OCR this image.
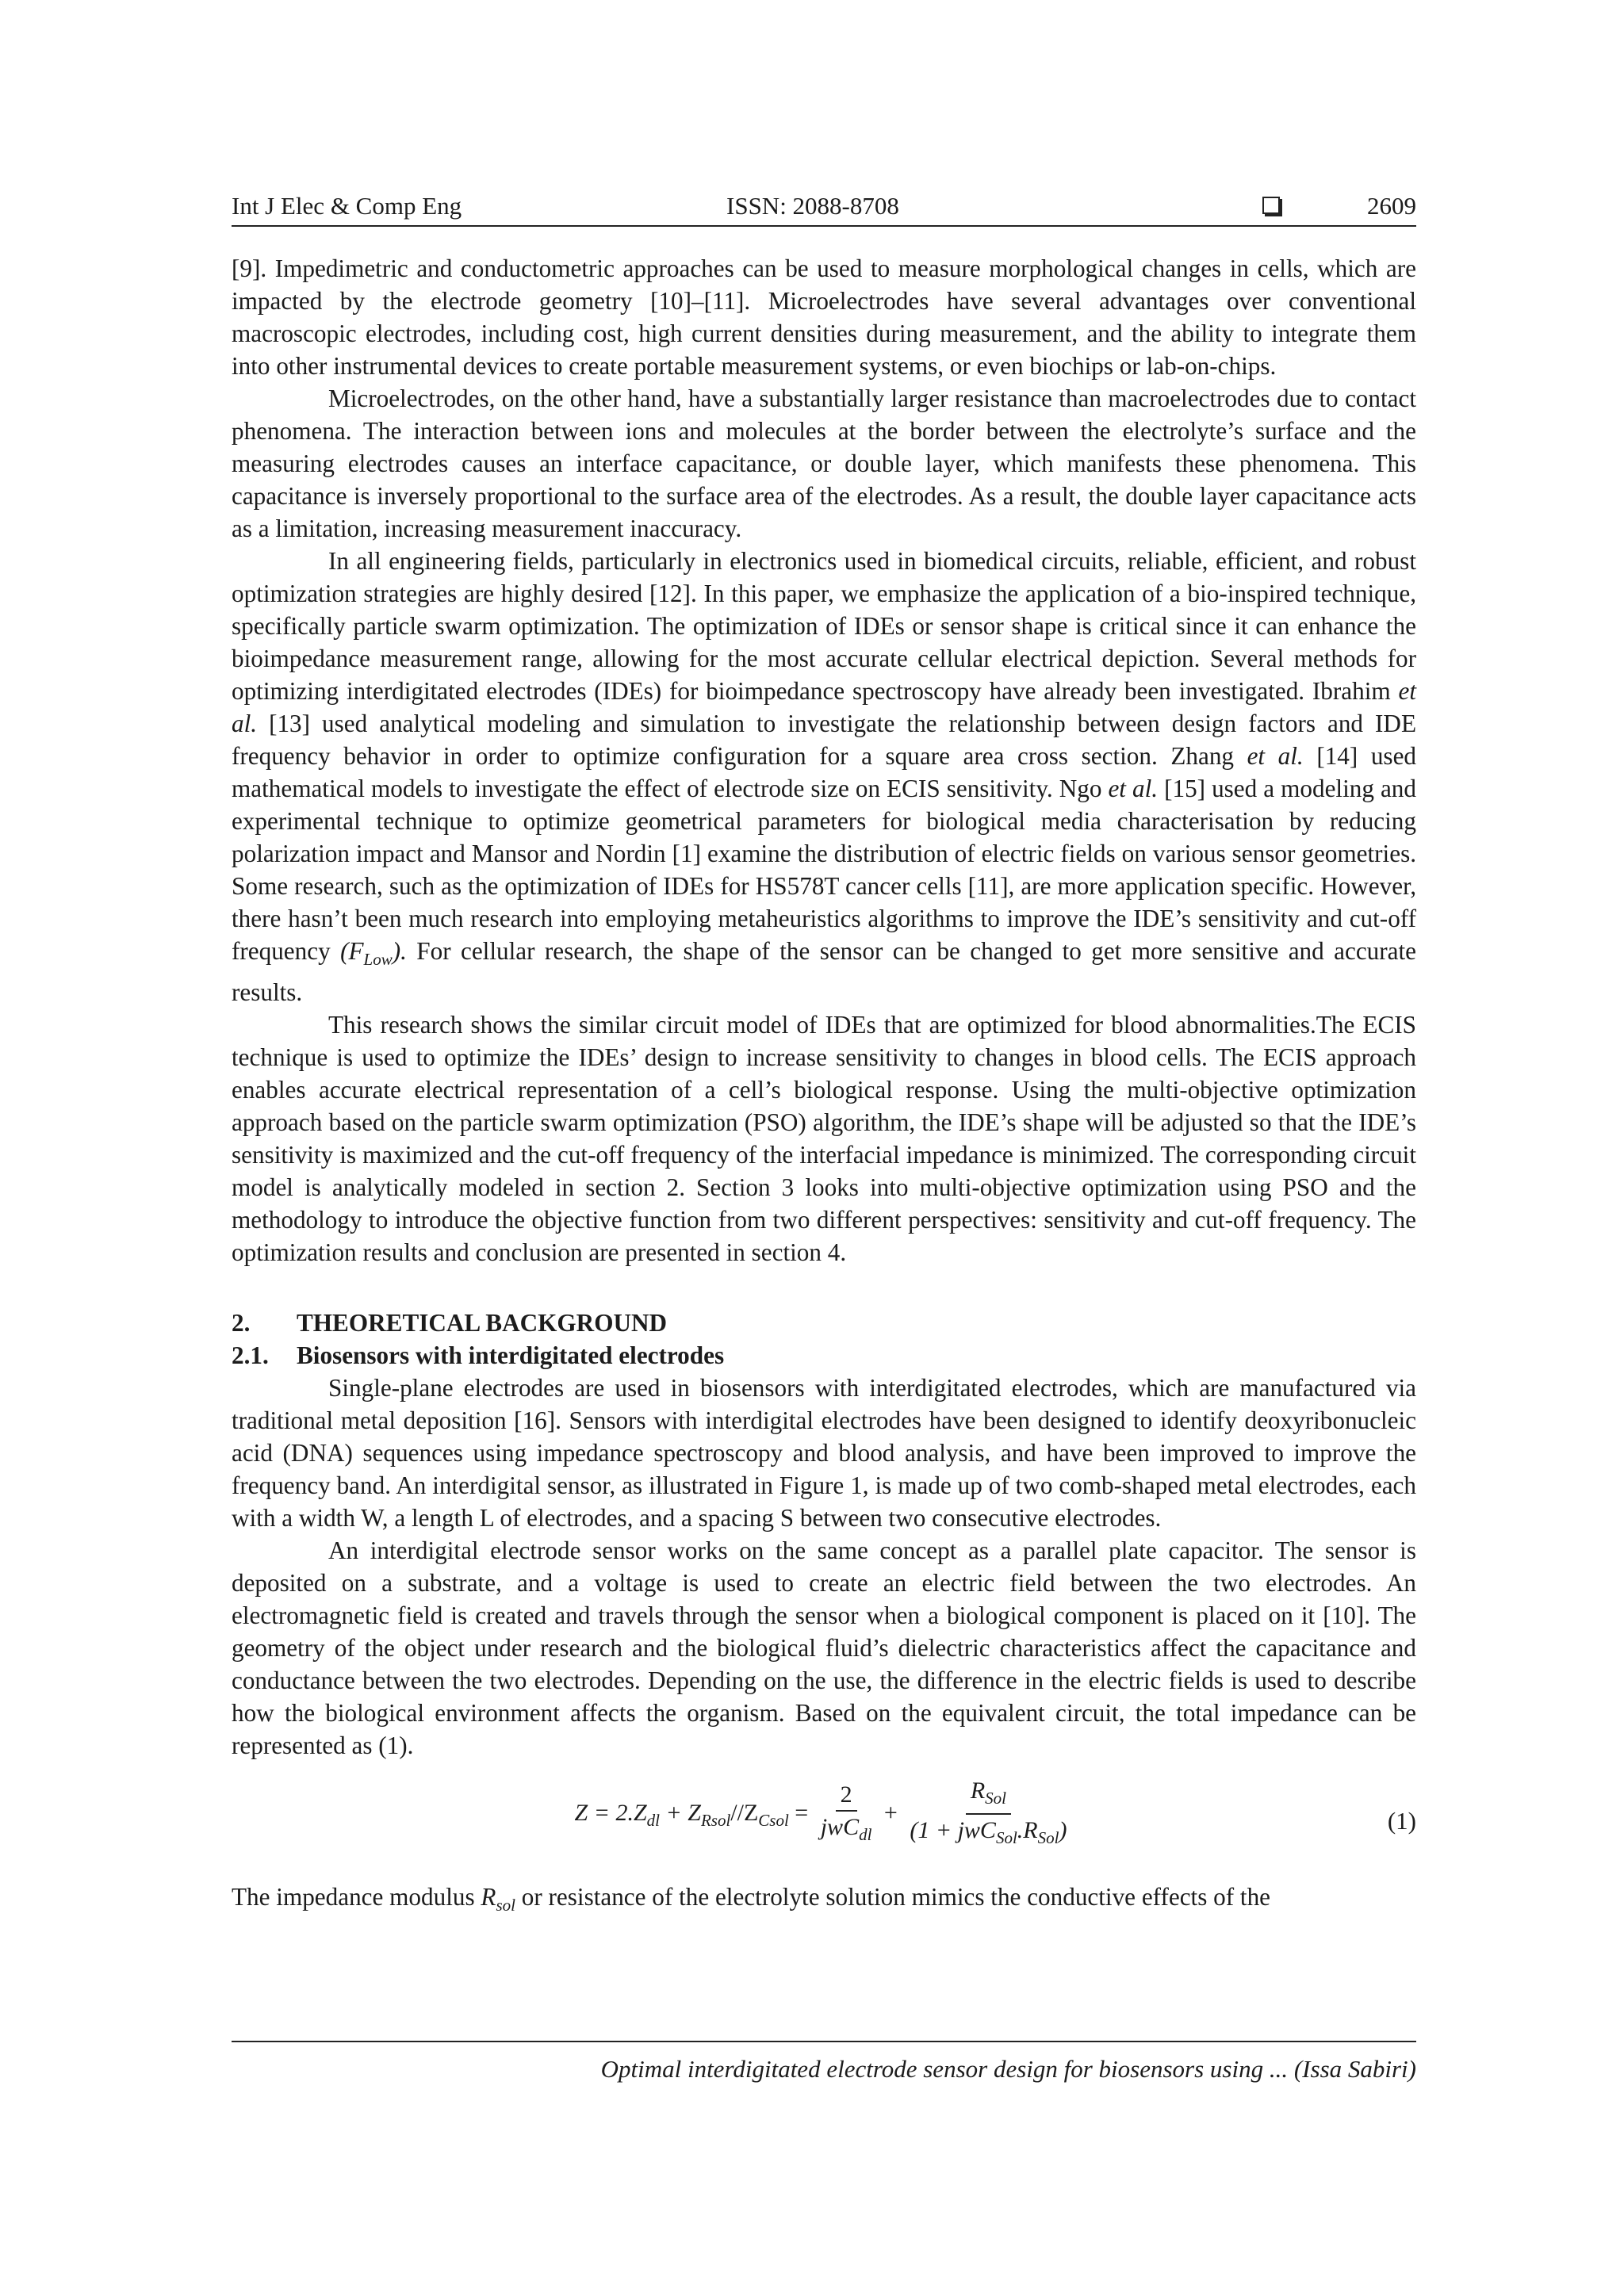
Int J Elec & Comp Eng	ISSN: 2088-8708	2609

[9]. Impedimetric and conductometric approaches can be used to measure morphological changes in cells, which are impacted by the electrode geometry [10]–[11]. Microelectrodes have several advantages over conventional macroscopic electrodes, including cost, high current densities during measurement, and the ability to integrate them into other instrumental devices to create portable measurement systems, or even biochips or lab-on-chips.

Microelectrodes, on the other hand, have a substantially larger resistance than macroelectrodes due to contact phenomena. The interaction between ions and molecules at the border between the electrolyte’s surface and the measuring electrodes causes an interface capacitance, or double layer, which manifests these phenomena. This capacitance is inversely proportional to the surface area of the electrodes. As a result, the double layer capacitance acts as a limitation, increasing measurement inaccuracy.

In all engineering fields, particularly in electronics used in biomedical circuits, reliable, efficient, and robust optimization strategies are highly desired [12]. In this paper, we emphasize the application of a bio-inspired technique, specifically particle swarm optimization. The optimization of IDEs or sensor shape is critical since it can enhance the bioimpedance measurement range, allowing for the most accurate cellular electrical depiction. Several methods for optimizing interdigitated electrodes (IDEs) for bioimpedance spectroscopy have already been investigated. Ibrahim et al. [13] used analytical modeling and simulation to investigate the relationship between design factors and IDE frequency behavior in order to optimize configuration for a square area cross section. Zhang et al. [14] used mathematical models to investigate the effect of electrode size on ECIS sensitivity. Ngo et al. [15] used a modeling and experimental technique to optimize geometrical parameters for biological media characterisation by reducing polarization impact and Mansor and Nordin [1] examine the distribution of electric fields on various sensor geometries. Some research, such as the optimization of IDEs for HS578T cancer cells [11], are more application specific. However, there hasn’t been much research into employing metaheuristics algorithms to improve the IDE’s sensitivity and cut-off frequency $(F_{Low})$. For cellular research, the shape of the sensor can be changed to get more sensitive and accurate results.

This research shows the similar circuit model of IDEs that are optimized for blood abnormalities.The ECIS technique is used to optimize the IDEs’ design to increase sensitivity to changes in blood cells. The ECIS approach enables accurate electrical representation of a cell’s biological response. Using the multi-objective optimization approach based on the particle swarm optimization (PSO) algorithm, the IDE’s shape will be adjusted so that the IDE’s sensitivity is maximized and the cut-off frequency of the interfacial impedance is minimized. The corresponding circuit model is analytically modeled in section 2. Section 3 looks into multi-objective optimization using PSO and the methodology to introduce the objective function from two different perspectives: sensitivity and cut-off frequency. The optimization results and conclusion are presented in section 4.

2. THEORETICAL BACKGROUND

2.1. Biosensors with interdigitated electrodes

Single-plane electrodes are used in biosensors with interdigitated electrodes, which are manufactured via traditional metal deposition [16]. Sensors with interdigital electrodes have been designed to identify deoxyribonucleic acid (DNA) sequences using impedance spectroscopy and blood analysis, and have been improved to improve the frequency band. An interdigital sensor, as illustrated in Figure 1, is made up of two comb-shaped metal electrodes, each with a width W, a length L of electrodes, and a spacing S between two consecutive electrodes.

An interdigital electrode sensor works on the same concept as a parallel plate capacitor. The sensor is deposited on a substrate, and a voltage is used to create an electric field between the two electrodes. An electromagnetic field is created and travels through the sensor when a biological component is placed on it [10]. The geometry of the object under research and the biological fluid’s dielectric characteristics affect the capacitance and conductance between the two electrodes. Depending on the use, the difference in the electric fields is used to describe how the biological environment affects the organism. Based on the equivalent circuit, the total impedance can be represented as (1).

$Z = 2.Z_{dl} + Z_{Rsol}//Z_{Csol} = \frac{2}{jwC_{dl}} + \frac{R_{Sol}}{(1 + jwC_{Sol}.R_{Sol})}$	(1)

The impedance modulus $R_{sol}$ or resistance of the electrolyte solution mimics the conductive effects of the

Optimal interdigitated electrode sensor design for biosensors using ... (Issa Sabiri)
